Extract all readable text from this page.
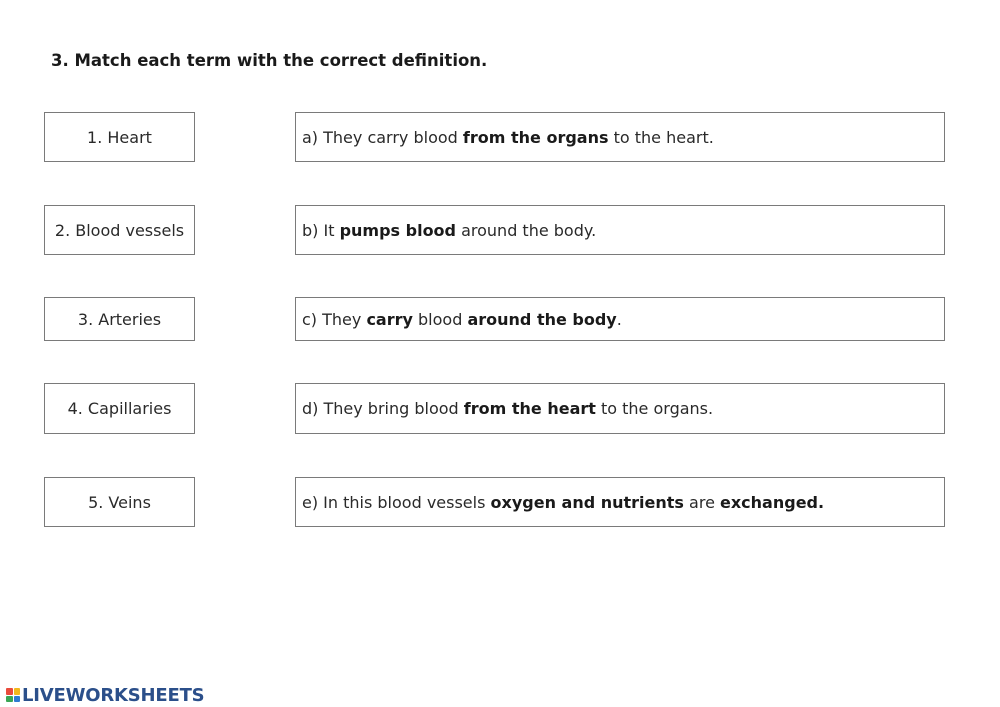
3. Match each term with the correct definition.
1. Heart
2. Blood vessels
3. Arteries
4. Capillaries
5. Veins
a) They carry blood from the organs to the heart.
b) It pumps blood around the body.
c) They carry blood around the body.
d) They bring blood from the heart to the organs.
e) In this blood vessels oxygen and nutrients are exchanged.
LIVEWORKSHEETS
